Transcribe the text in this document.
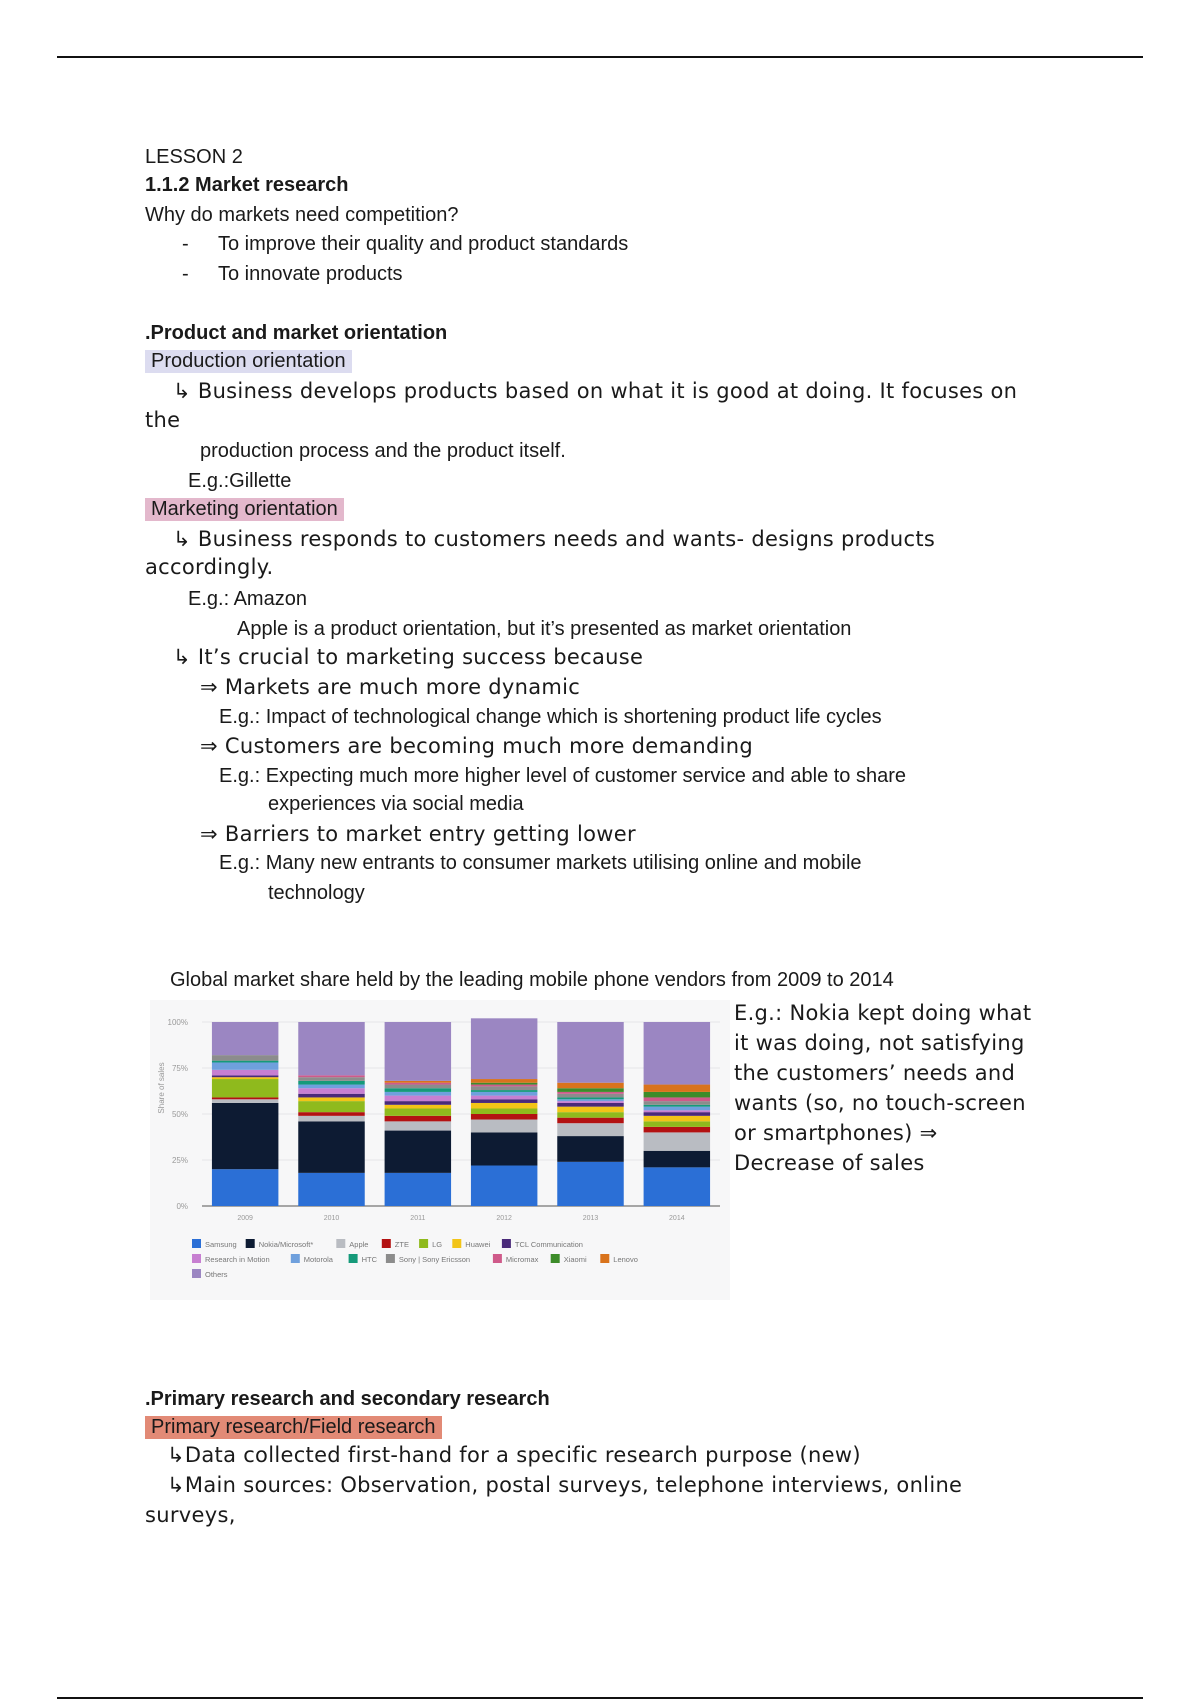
LESSON 2
1.1.2 Market research
Why do markets need competition?
- To improve their quality and product standards
- To innovate products
.Product and market orientation
Production orientation
↳ Business develops products based on what it is good at doing. It focuses on
the
production process and the product itself.
E.g.:Gillette
Marketing orientation
↳ Business responds to customers needs and wants- designs products
accordingly.
E.g.: Amazon
Apple is a product orientation, but it’s presented as market orientation
↳ It’s crucial to marketing success because
⇒ Markets are much more dynamic
E.g.: Impact of technological change which is shortening product life cycles
⇒ Customers are becoming much more demanding
E.g.: Expecting much more higher level of customer service and able to share
experiences via social media
⇒ Barriers to market entry getting lower
E.g.: Many new entrants to consumer markets utilising online and mobile
technology
Global market share held by the leading mobile phone vendors from 2009 to 2014
0%
25%
50%
75%
100%
2009	2010	2011	2012	2013	2014
Samsung	Nokia/Microsoft*	Apple	ZTE	LG	Huawei	TCL Communication
Research in Motion	Motorola	HTC	Sony | Sony Ericsson	Micromax	Xiaomi	Lenovo
Others
Share of sales
E.g.: Nokia kept doing what
it was doing, not satisfying
the customers’ needs and
wants (so, no touch-screen
or smartphones) ⇒
Decrease of sales
.Primary research and secondary research
Primary research/Field research
↳Data collected first-hand for a specific research purpose (new)
↳Main sources: Observation, postal surveys, telephone interviews, online
surveys,
